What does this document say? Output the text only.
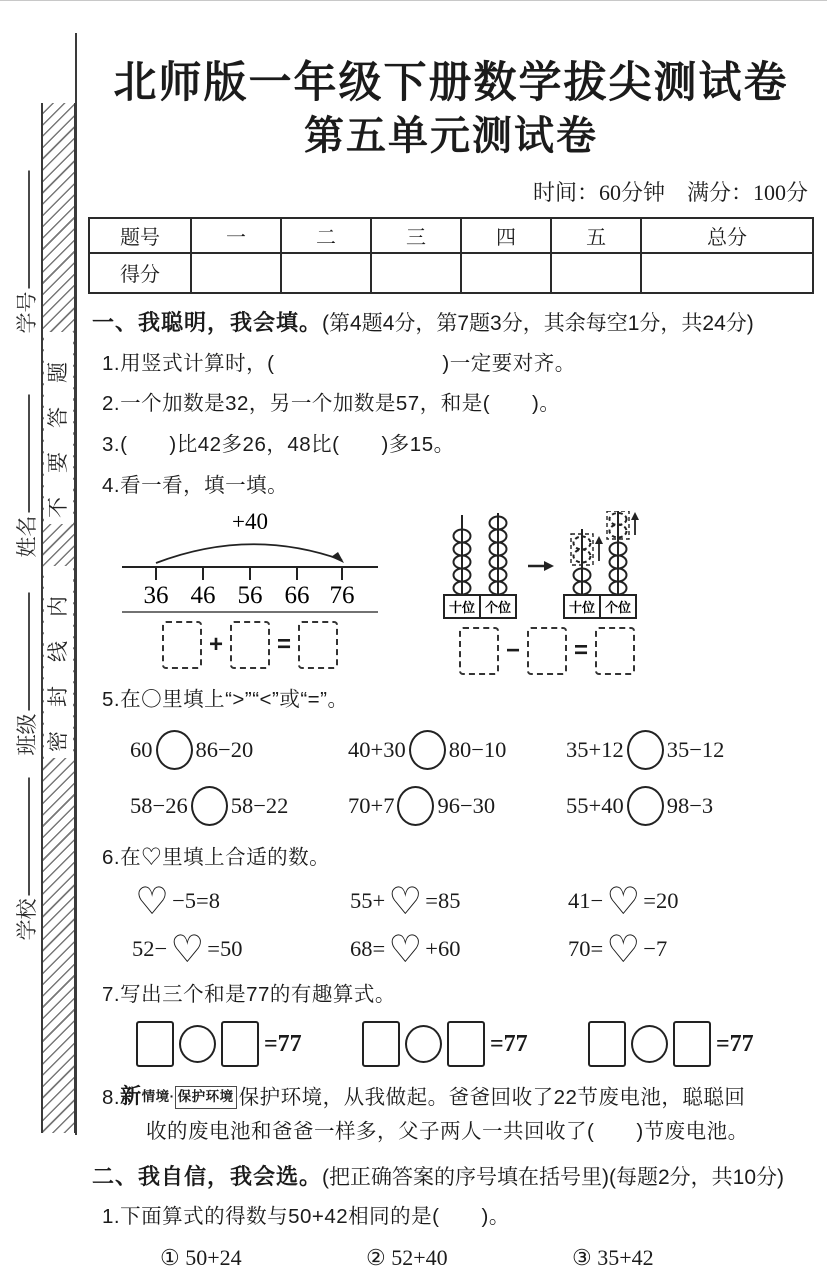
密封线内不要答题
学号
姓名
班级
学校
北师版一年级下册数学拔尖测试卷
第五单元测试卷
时间：60分钟　满分：100分
题号	一	二	三	四	五	总分
得分						
一、我聪明，我会填。(第4题4分，第7题3分，其余每空1分，共24分)
1.用竖式计算时，(　　　　　　　　)一定要对齐。
2.一个加数是32，另一个加数是57，和是(　　)。
3.(　　)比42多26，48比(　　)多15。
4.看一看，填一填。
+40
36 46 56 66 76
+ =
十位 个位	十位 个位
− =
5.在〇里填上“>”“<”或“=”。
60 86−20	40+30 80−10	35+12 35−12
58−26 58−22	70+7 96−30	55+40 98−3
6.在♡里填上合适的数。
♡ −5=8	55+ ♡ =85	41− ♡ =20
52− ♡ =50	68= ♡ +60	70= ♡ −7
7.写出三个和是77的有趣算式。
=77	=77	=77
8. 新 情境· 保护环境 保护环境，从我做起。爸爸回收了22节废电池，聪聪回
收的废电池和爸爸一样多，父子两人一共回收了(　　)节废电池。
二、我自信，我会选。(把正确答案的序号填在括号里)(每题2分，共10分)
1.下面算式的得数与50+42相同的是(　　)。
① 50+24	② 52+40	③ 35+42
